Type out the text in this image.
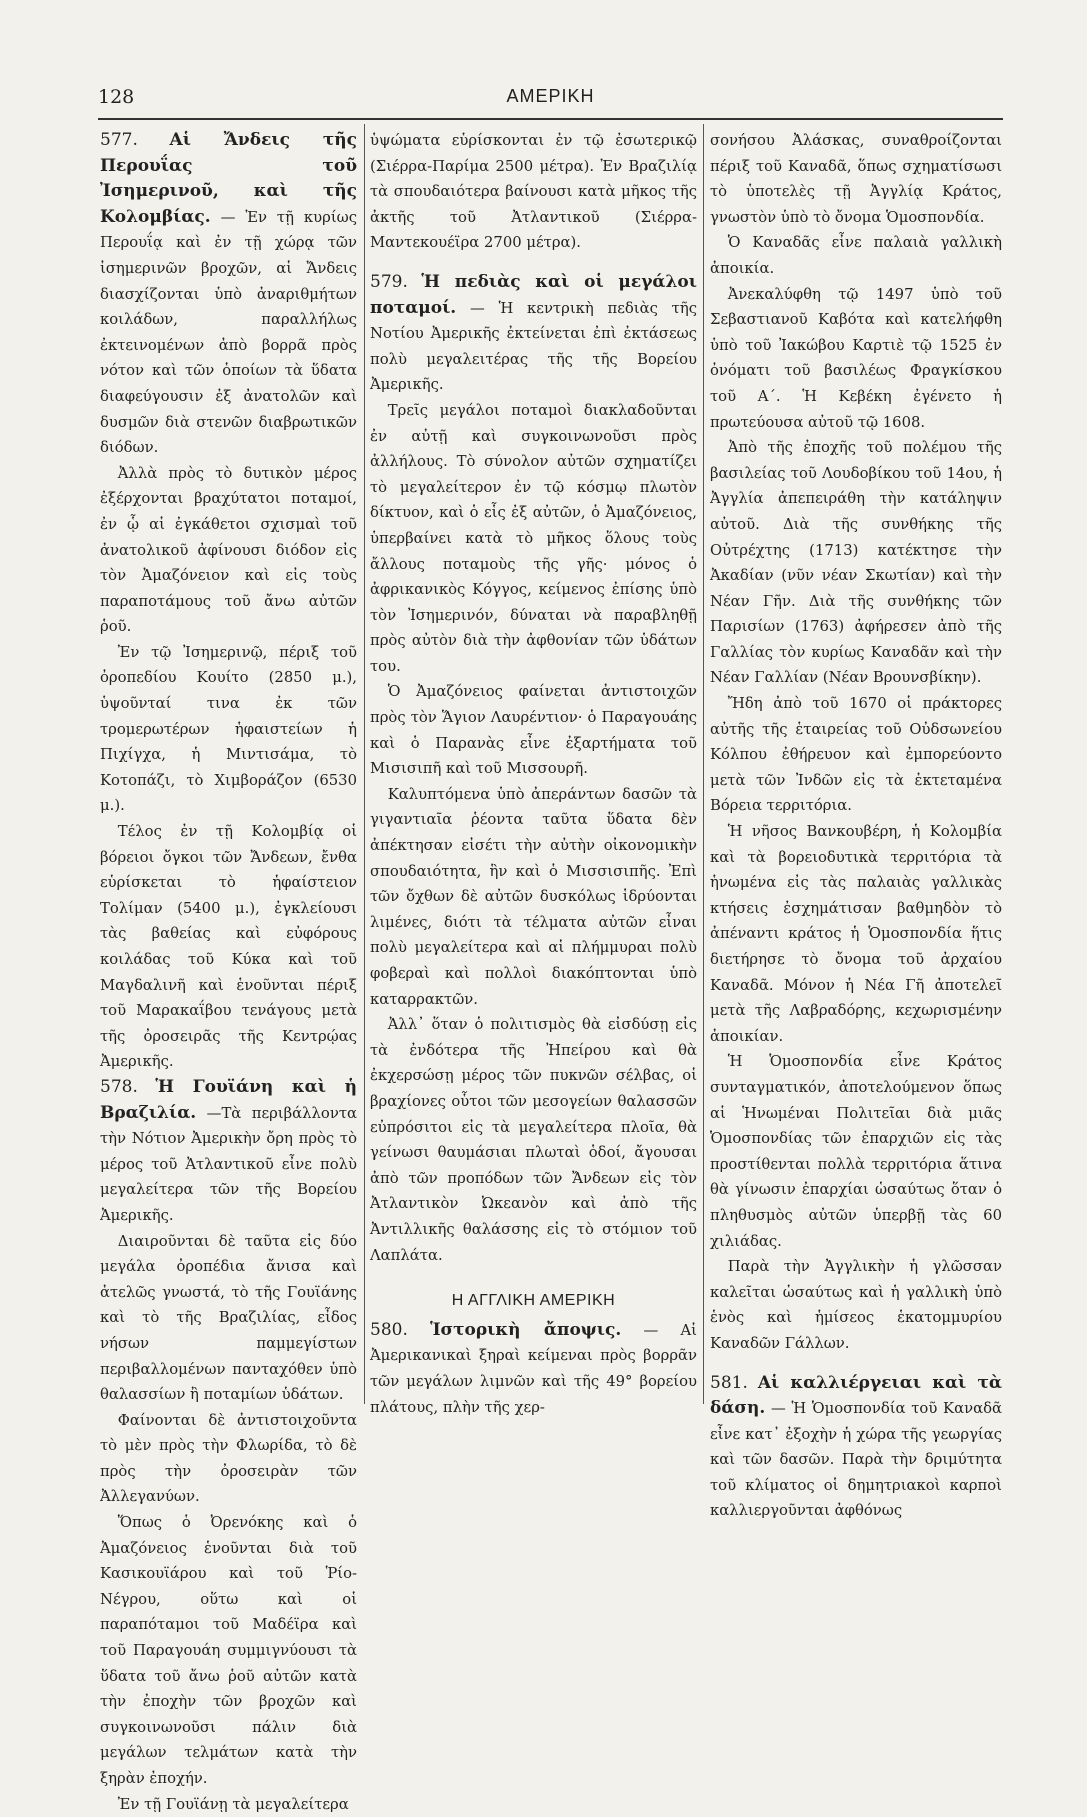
128	ΑΜΕΡΙΚΗ

577. Αἱ Ἄνδεις τῆς Περουΐας τοῦ Ἰσημερινοῦ, καὶ τῆς Κολομβίας. — Ἐν τῇ κυρίως Περουΐᾳ καὶ ἐν τῇ χώρᾳ τῶν ἰσημερινῶν βροχῶν, αἱ Ἄνδεις διασχίζονται ὑπὸ ἀναριθμήτων κοιλάδων, παραλλήλως ἐκτεινομένων ἀπὸ βορρᾶ πρὸς νότον καὶ τῶν ὁποίων τὰ ὕδατα διαφεύγουσιν ἐξ ἀνατολῶν καὶ δυσμῶν διὰ στενῶν διαβρωτικῶν διόδων.

Ἀλλὰ πρὸς τὸ δυτικὸν μέρος ἐξέρχονται βραχύτατοι ποταμοί, ἐν ᾧ αἱ ἐγκάθετοι σχισμαὶ τοῦ ἀνατολικοῦ ἀφίνουσι διόδον εἰς τὸν Ἀμαζόνειον καὶ εἰς τοὺς παραποτάμους τοῦ ἄνω αὐτῶν ῥοῦ.

Ἐν τῷ Ἰσημερινῷ, πέριξ τοῦ ὀροπεδίου Κουίτο (2850 μ.), ὑψοῦνταί τινα ἐκ τῶν τρομερωτέρων ἡφαιστείων ἡ Πιχίγχα, ἡ Μιντισάμα, τὸ Κοτοπάζι, τὸ Χιμβοράζον (6530 μ.).

Τέλος ἐν τῇ Κολομβίᾳ οἱ βόρειοι ὄγκοι τῶν Ἄνδεων, ἔνθα εὑρίσκεται τὸ ἡφαίστειον Τολίμαν (5400 μ.), ἐγκλείουσι τὰς βαθείας καὶ εὐφόρους κοιλάδας τοῦ Κύκα καὶ τοῦ Μαγδαλινῆ καὶ ἑνοῦνται πέριξ τοῦ Μαρακαΐβου τενάγους μετὰ τῆς ὀροσειρᾶς τῆς Κεντρῴας Ἀμερικῆς.

578. Ἡ Γουϊάνη καὶ ἡ Βραζιλία. —Τὰ περιβάλλοντα τὴν Νότιον Ἀμερικὴν ὄρη πρὸς τὸ μέρος τοῦ Ἀτλαντικοῦ εἶνε πολὺ μεγαλείτερα τῶν τῆς Βορείου Ἀμερικῆς.

Διαιροῦνται δὲ ταῦτα εἰς δύο μεγάλα ὀροπέδια ἄνισα καὶ ἀτελῶς γνωστά, τὸ τῆς Γουϊάνης καὶ τὸ τῆς Βραζιλίας, εἶδος νήσων παμμεγίστων περιβαλλομένων πανταχόθεν ὑπὸ θαλασσίων ἢ ποταμίων ὑδάτων.

Φαίνονται δὲ ἀντιστοιχοῦντα τὸ μὲν πρὸς τὴν Φλωρίδα, τὸ δὲ πρὸς τὴν ὀροσειρὰν τῶν Ἀλλεγανύων.

Ὅπως ὁ Ὀρενόκης καὶ ὁ Ἀμαζόνειος ἑνοῦνται διὰ τοῦ Κασικουϊάρου καὶ τοῦ Ῥίο-Νέγρου, οὕτω καὶ οἱ παραπόταμοι τοῦ Μαδέϊρα καὶ τοῦ Παραγουάη συμμιγνύουσι τὰ ὕδατα τοῦ ἄνω ῥοῦ αὐτῶν κατὰ τὴν ἐποχὴν τῶν βροχῶν καὶ συγκοινωνοῦσι πάλιν διὰ μεγάλων τελμάτων κατὰ τὴν ξηρὰν ἐποχήν.

Ἐν τῇ Γουϊάνῃ τὰ μεγαλείτερα

ὑψώματα εὑρίσκονται ἐν τῷ ἐσωτερικῷ (Σιέρρα-Παρίμα 2500 μέτρα). Ἐν Βραζιλίᾳ τὰ σπουδαιότερα βαίνουσι κατὰ μῆκος τῆς ἀκτῆς τοῦ Ἀτλαντικοῦ (Σιέρρα-Μαντεκουέϊρα 2700 μέτρα).

579. Ἡ πεδιὰς καὶ οἱ μεγάλοι ποταμοί. — Ἡ κεντρικὴ πεδιὰς τῆς Νοτίου Ἀμερικῆς ἐκτείνεται ἐπὶ ἐκτάσεως πολὺ μεγαλειτέρας τῆς τῆς Βορείου Ἀμερικῆς.

Τρεῖς μεγάλοι ποταμοὶ διακλαδοῦνται ἐν αὐτῇ καὶ συγκοινωνοῦσι πρὸς ἀλλήλους. Τὸ σύνολον αὐτῶν σχηματίζει τὸ μεγαλείτερον ἐν τῷ κόσμῳ πλωτὸν δίκτυον, καὶ ὁ εἷς ἐξ αὐτῶν, ὁ Ἀμαζόνειος, ὑπερβαίνει κατὰ τὸ μῆκος ὅλους τοὺς ἄλλους ποταμοὺς τῆς γῆς· μόνος ὁ ἀφρικανικὸς Κόγγος, κείμενος ἐπίσης ὑπὸ τὸν Ἰσημερινόν, δύναται νὰ παραβληθῇ πρὸς αὐτὸν διὰ τὴν ἀφθονίαν τῶν ὑδάτων του.

Ὁ Ἀμαζόνειος φαίνεται ἀντιστοιχῶν πρὸς τὸν Ἅγιον Λαυρέντιον· ὁ Παραγουάης καὶ ὁ Παρανὰς εἶνε ἐξαρτήματα τοῦ Μισισιπῆ καὶ τοῦ Μισσουρῆ.

Καλυπτόμενα ὑπὸ ἀπεράντων δασῶν τὰ γιγαντιαῖα ῥέοντα ταῦτα ὕδατα δὲν ἀπέκτησαν εἰσέτι τὴν αὐτὴν οἰκονομικὴν σπουδαιότητα, ἣν καὶ ὁ Μισσισιπῆς. Ἐπὶ τῶν ὄχθων δὲ αὐτῶν δυσκόλως ἱδρύονται λιμένες, διότι τὰ τέλματα αὐτῶν εἶναι πολὺ μεγαλείτερα καὶ αἱ πλήμμυραι πολὺ φοβεραὶ καὶ πολλοὶ διακόπτονται ὑπὸ καταρρακτῶν.

Ἀλλ᾽ ὅταν ὁ πολιτισμὸς θὰ εἰσδύσῃ εἰς τὰ ἐνδότερα τῆς Ἠπείρου καὶ θὰ ἐκχερσώσῃ μέρος τῶν πυκνῶν σέλβας, οἱ βραχίονες οὗτοι τῶν μεσογείων θαλασσῶν εὐπρόσιτοι εἰς τὰ μεγαλείτερα πλοῖα, θὰ γείνωσι θαυμάσιαι πλωταὶ ὁδοί, ἄγουσαι ἀπὸ τῶν προπόδων τῶν Ἄνδεων εἰς τὸν Ἀτλαντικὸν Ὠκεανὸν καὶ ἀπὸ τῆς Ἀντιλλικῆς θαλάσσης εἰς τὸ στόμιον τοῦ Λαπλάτα.

Η ΑΓΓΛΙΚΗ ΑΜΕΡΙΚΗ

580. Ἱστορικὴ ἄποψις. — Αἱ Ἀμερικανικαὶ ξηραὶ κείμεναι πρὸς βορρᾶν τῶν μεγάλων λιμνῶν καὶ τῆς 49° βορείου πλάτους, πλὴν τῆς χερ-

σονήσου Ἀλάσκας, συναθροίζονται πέριξ τοῦ Καναδᾶ, ὅπως σχηματίσωσι τὸ ὑποτελὲς τῇ Ἀγγλίᾳ Κράτος, γνωστὸν ὑπὸ τὸ ὄνομα Ὁμοσπονδία.

Ὁ Καναδᾶς εἶνε παλαιὰ γαλλικὴ ἀποικία.

Ἀνεκαλύφθη τῷ 1497 ὑπὸ τοῦ Σεβαστιανοῦ Καβότα καὶ κατελήφθη ὑπὸ τοῦ Ἰακώβου Καρτιὲ τῷ 1525 ἐν ὀνόματι τοῦ βασιλέως Φραγκίσκου τοῦ Α΄. Ἡ Κεβέκη ἐγένετο ἡ πρωτεύουσα αὐτοῦ τῷ 1608.

Ἀπὸ τῆς ἐποχῆς τοῦ πολέμου τῆς βασιλείας τοῦ Λουδοβίκου τοῦ 14ου, ἡ Ἀγγλία ἀπεπειράθη τὴν κατάληψιν αὐτοῦ. Διὰ τῆς συνθήκης τῆς Οὐτρέχτης (1713) κατέκτησε τὴν Ἀκαδίαν (νῦν νέαν Σκωτίαν) καὶ τὴν Νέαν Γῆν. Διὰ τῆς συνθήκης τῶν Παρισίων (1763) ἀφήρεσεν ἀπὸ τῆς Γαλλίας τὸν κυρίως Καναδᾶν καὶ τὴν Νέαν Γαλλίαν (Νέαν Βρουνσβίκην).

Ἤδη ἀπὸ τοῦ 1670 οἱ πράκτορες αὐτῆς τῆς ἑταιρείας τοῦ Οὐδσωνείου Κόλπου ἐθήρευον καὶ ἐμπορεύοντο μετὰ τῶν Ἰνδῶν εἰς τὰ ἐκτεταμένα Βόρεια τερριτόρια.

Ἡ νῆσος Βανκουβέρη, ἡ Κολομβία καὶ τὰ βορειοδυτικὰ τερριτόρια τὰ ἡνωμένα εἰς τὰς παλαιὰς γαλλικὰς κτήσεις ἐσχημάτισαν βαθμηδὸν τὸ ἀπέναντι κράτος ἡ Ὁμοσπονδία ἥτις διετήρησε τὸ ὄνομα τοῦ ἀρχαίου Καναδᾶ. Μόνον ἡ Νέα Γῆ ἀποτελεῖ μετὰ τῆς Λαβραδόρης, κεχωρισμένην ἀποικίαν.

Ἡ Ὁμοσπονδία εἶνε Κράτος συνταγματικόν, ἀποτελούμενον ὅπως αἱ Ἡνωμέναι Πολιτεῖαι διὰ μιᾶς Ὁμοσπονδίας τῶν ἐπαρχιῶν εἰς τὰς προστίθενται πολλὰ τερριτόρια ἅτινα θὰ γίνωσιν ἐπαρχίαι ὡσαύτως ὅταν ὁ πληθυσμὸς αὐτῶν ὑπερβῇ τὰς 60 χιλιάδας.

Παρὰ τὴν Ἀγγλικὴν ἡ γλῶσσαν καλεῖται ὡσαύτως καὶ ἡ γαλλικὴ ὑπὸ ἑνὸς καὶ ἡμίσεος ἑκατομμυρίου Καναδῶν Γάλλων.

581. Αἱ καλλιέργειαι καὶ τὰ δάση. — Ἡ Ὁμοσπονδία τοῦ Καναδᾶ εἶνε κατ᾽ ἐξοχὴν ἡ χώρα τῆς γεωργίας καὶ τῶν δασῶν. Παρὰ τὴν δριμύτητα τοῦ κλίματος οἱ δημητριακοὶ καρποὶ καλλιεργοῦνται ἀφθόνως
